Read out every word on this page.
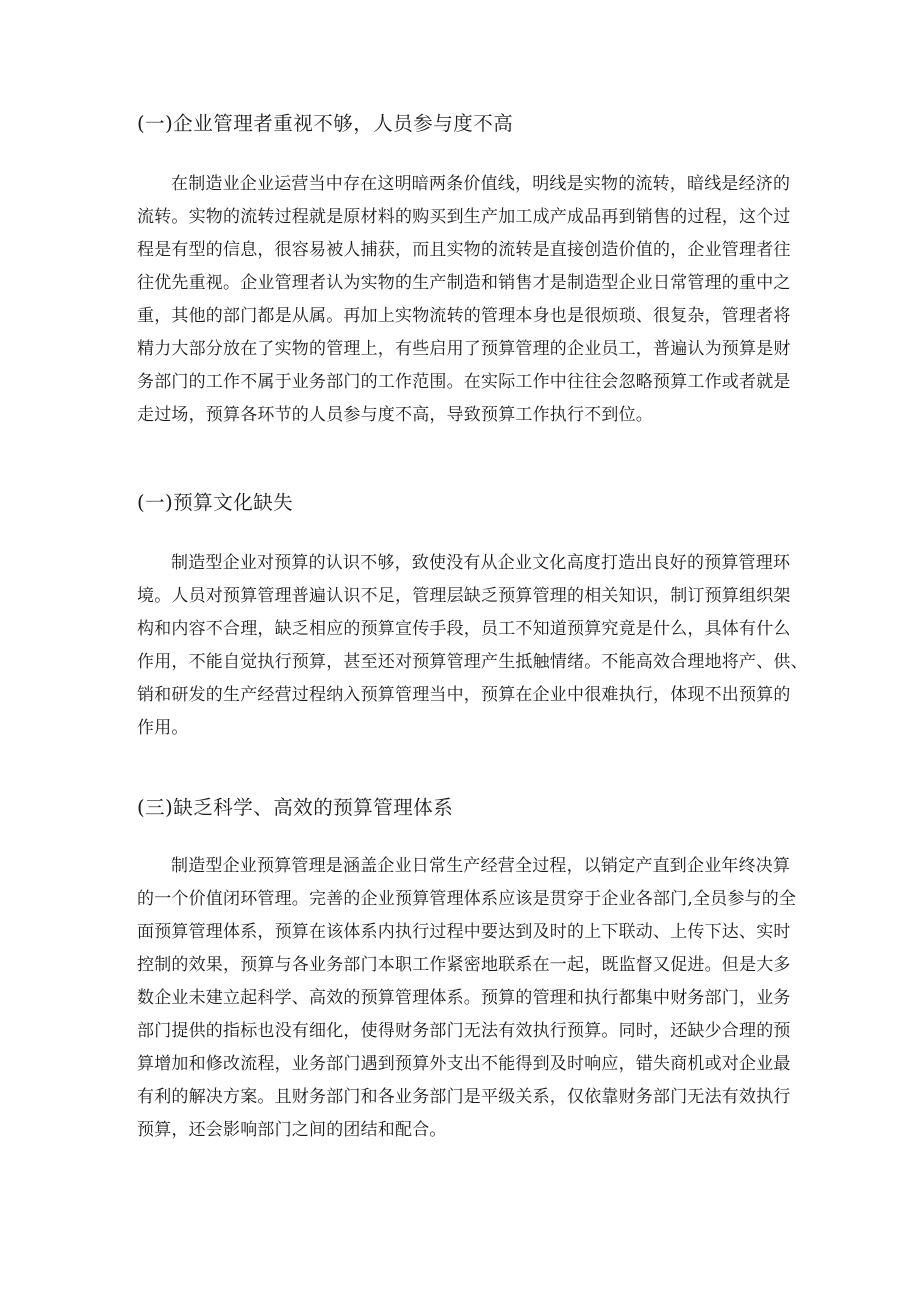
(一)企业管理者重视不够，人员参与度不高
在制造业企业运营当中存在这明暗两条价值线，明线是实物的流转，暗线是经济的
流转。实物的流转过程就是原材料的购买到生产加工成产成品再到销售的过程，这个过
程是有型的信息，很容易被人捕获，而且实物的流转是直接创造价值的，企业管理者往
往优先重视。企业管理者认为实物的生产制造和销售才是制造型企业日常管理的重中之
重，其他的部门都是从属。再加上实物流转的管理本身也是很烦琐、很复杂，管理者将
精力大部分放在了实物的管理上，有些启用了预算管理的企业员工，普遍认为预算是财
务部门的工作不属于业务部门的工作范围。在实际工作中往往会忽略预算工作或者就是
走过场，预算各环节的人员参与度不高，导致预算工作执行不到位。
(一)预算文化缺失
制造型企业对预算的认识不够，致使没有从企业文化高度打造出良好的预算管理环
境。人员对预算管理普遍认识不足，管理层缺乏预算管理的相关知识，制订预算组织架
构和内容不合理，缺乏相应的预算宣传手段，员工不知道预算究竟是什么，具体有什么
作用，不能自觉执行预算，甚至还对预算管理产生抵触情绪。不能高效合理地将产、供、
销和研发的生产经营过程纳入预算管理当中，预算在企业中很难执行，体现不出预算的
作用。
(三)缺乏科学、高效的预算管理体系
制造型企业预算管理是涵盖企业日常生产经营全过程，以销定产直到企业年终决算
的一个价值闭环管理。完善的企业预算管理体系应该是贯穿于企业各部门,全员参与的全
面预算管理体系，预算在该体系内执行过程中要达到及时的上下联动、上传下达、实时
控制的效果，预算与各业务部门本职工作紧密地联系在一起，既监督又促进。但是大多
数企业未建立起科学、高效的预算管理体系。预算的管理和执行都集中财务部门，业务
部门提供的指标也没有细化，使得财务部门无法有效执行预算。同时，还缺少合理的预
算增加和修改流程，业务部门遇到预算外支出不能得到及时响应，错失商机或对企业最
有利的解决方案。且财务部门和各业务部门是平级关系，仅依靠财务部门无法有效执行
预算，还会影响部门之间的团结和配合。
